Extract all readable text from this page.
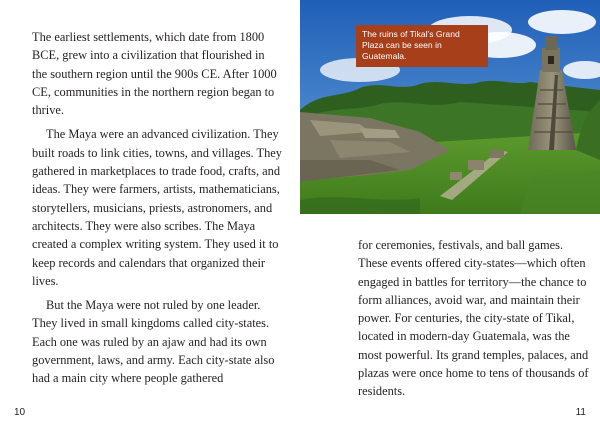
The earliest settlements, which date from 1800 BCE, grew into a civilization that flourished in the southern region until the 900s CE. After 1000 CE, communities in the northern region began to thrive.

The Maya were an advanced civilization. They built roads to link cities, towns, and villages. They gathered in marketplaces to trade food, crafts, and ideas. They were farmers, artists, mathematicians, storytellers, musicians, priests, astronomers, and architects. They were also scribes. The Maya created a complex writing system. They used it to keep records and calendars that organized their lives.

But the Maya were not ruled by one leader. They lived in small kingdoms called city-states. Each one was ruled by an ajaw and had its own government, laws, and army. Each city-state also had a main city where people gathered

10
The ruins of Tikal’s Grand Plaza can be seen in Guatemala.

for ceremonies, festivals, and ball games. These events offered city-states—which often engaged in battles for territory—the chance to form alliances, avoid war, and maintain their power. For centuries, the city-state of Tikal, located in modern-day Guatemala, was the most powerful. Its grand temples, palaces, and plazas were once home to tens of thousands of residents.

11
